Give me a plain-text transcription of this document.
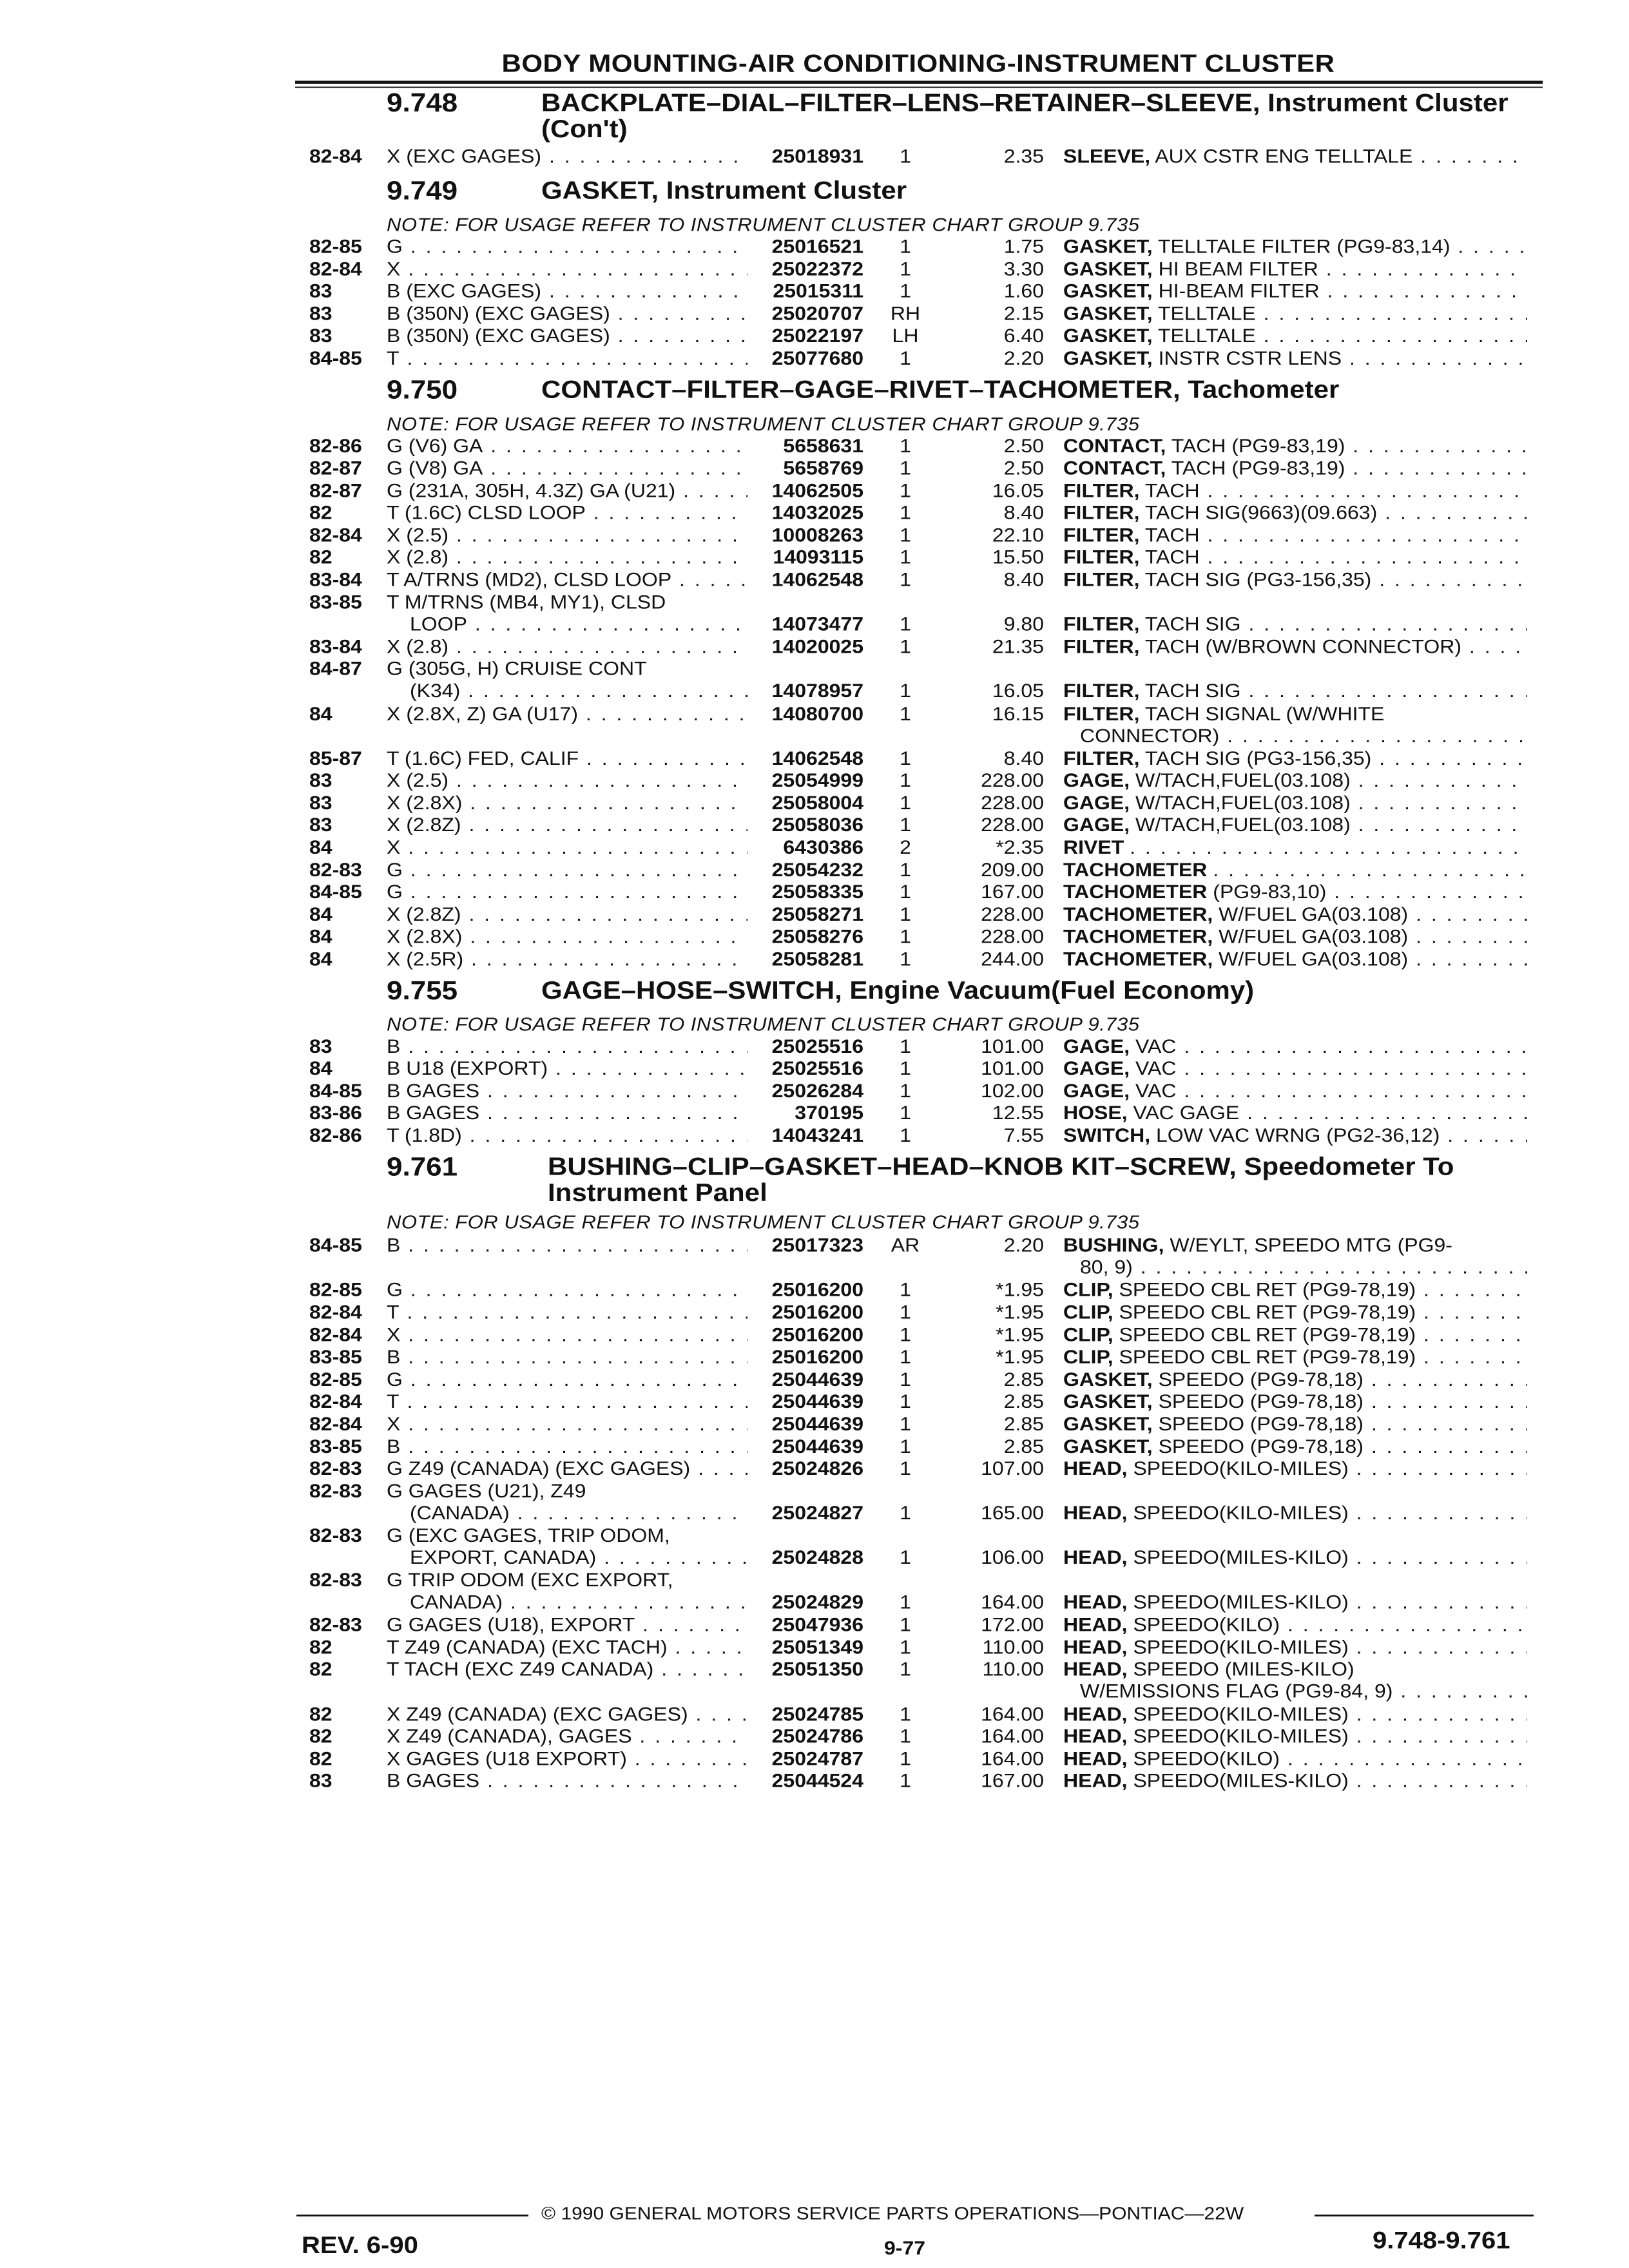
BODY MOUNTING-AIR CONDITIONING-INSTRUMENT CLUSTER
82-84 X (EXC GAGES) . . .	25018931	1	2.35 SLEEVE, AUX CSTR ENG TELLTALE . . .
82-85 G . . .	25016521	1	1.75 GASKET, TELLTALE FILTER (PG9-83,14) . . .
82-84 X . . .	25022372	1	3.30 GASKET, HI BEAM FILTER . . .
83	B (EXC GAGES) . . .	25015311	1	1.60 GASKET, HI-BEAM FILTER . . .
83	B (350N) (EXC GAGES) . . .	25020707	RH	2.15 GASKET, TELLTALE . . .
83	B (350N) (EXC GAGES) . . .	25022197	LH	6.40 GASKET, TELLTALE . . .
84-85 T . . .	25077680	1	2.20 GASKET, INSTR CSTR LENS . . .
82-86 G (V6) GA . . .	5658631	1	2.50 CONTACT, TACH (PG9-83,19) . . .
82-87 G (V8) GA . . .	5658769	1	2.50 CONTACT, TACH (PG9-83,19) . . .
82-87 G (231A, 305H, 4.3Z) GA (U21) . . .	14062505	1	16.05 FILTER, TACH . . .
82	T (1.6C) CLSD LOOP . . .	14032025	1	8.40 FILTER, TACH SIG(9663)(09.663) . . .
82-84 X (2.5) . . .	10008263	1	22.10 FILTER, TACH . . .
82	X (2.8) . . .	14093115	1	15.50 FILTER, TACH . . .
83-84 T A/TRNS (MD2), CLSD LOOP . . .	14062548	1	8.40 FILTER, TACH SIG (PG3-156,35) . . .
83-85 T M/TRNS (MB4, MY1), CLSD
LOOP . . .	14073477	1	9.80 FILTER, TACH SIG . . .
83-84 X (2.8) . . .	14020025	1	21.35 FILTER, TACH (W/BROWN CONNECTOR) . . .
84-87 G (305G, H) CRUISE CONT
(K34) . . .	14078957	1	16.05 FILTER, TACH SIG . . .
84	X (2.8X, Z) GA (U17) . . .	14080700	1	16.15 FILTER, TACH SIGNAL (W/WHITE
CONNECTOR) . . .
85-87 T (1.6C) FED, CALIF . . .	14062548	1	8.40 FILTER, TACH SIG (PG3-156,35) . . .
83	X (2.5) . . .	25054999	1	228.00 GAGE, W/TACH,FUEL(03.108) . . .
83	X (2.8X) . . .	25058004	1	228.00 GAGE, W/TACH,FUEL(03.108) . . .
83	X (2.8Z) . . .	25058036	1	228.00 GAGE, W/TACH,FUEL(03.108) . . .
84	X . . .	6430386	2	*2.35 RIVET . . .
82-83 G . . .	25054232	1	209.00 TACHOMETER . . .
84-85 G . . .	25058335	1	167.00 TACHOMETER (PG9-83,10) . . .
84	X (2.8Z) . . .	25058271	1	228.00 TACHOMETER, W/FUEL GA(03.108) . . .
84	X (2.8X) . . .	25058276	1	228.00 TACHOMETER, W/FUEL GA(03.108) . . .
84	X (2.5R) . . .	25058281	1	244.00 TACHOMETER, W/FUEL GA(03.108) . . .
83	B . . .	25025516	1	101.00 GAGE, VAC . . .
84	B U18 (EXPORT) . . .	25025516	1	101.00 GAGE, VAC . . .
84-85 B GAGES . . .	25026284	1	102.00 GAGE, VAC . . .
83-86 B GAGES . . .	370195	1	12.55 HOSE, VAC GAGE . . .
82-86 T (1.8D) . . .	14043241	1	7.55 SWITCH, LOW VAC WRNG (PG2-36,12) . . .
84-85 B . . .	25017323	AR	2.20 BUSHING, W/EYLT, SPEEDO MTG (PG9-
80, 9) . . .
82-85 G . . .	25016200	1	*1.95 CLIP, SPEEDO CBL RET (PG9-78,19) . . .
82-84 T . . .	25016200	1	*1.95 CLIP, SPEEDO CBL RET (PG9-78,19) . . .
82-84 X . . .	25016200	1	*1.95 CLIP, SPEEDO CBL RET (PG9-78,19) . . .
83-85 B . . .	25016200	1	*1.95 CLIP, SPEEDO CBL RET (PG9-78,19) . . .
82-85 G . . .	25044639	1	2.85 GASKET, SPEEDO (PG9-78,18) . . .
82-84 T . . .	25044639	1	2.85 GASKET, SPEEDO (PG9-78,18) . . .
82-84 X . . .	25044639	1	2.85 GASKET, SPEEDO (PG9-78,18) . . .
83-85 B . . .	25044639	1	2.85 GASKET, SPEEDO (PG9-78,18) . . .
82-83 G Z49 (CANADA) (EXC GAGES) . . .	25024826	1	107.00 HEAD, SPEEDO(KILO-MILES) . . .
82-83 G GAGES (U21), Z49
(CANADA) . . .	25024827	1	165.00 HEAD, SPEEDO(KILO-MILES) . . .
82-83 G (EXC GAGES, TRIP ODOM,
EXPORT, CANADA) . . .	25024828	1	106.00 HEAD, SPEEDO(MILES-KILO) . . .
82-83 G TRIP ODOM (EXC EXPORT,
CANADA) . . .	25024829	1	164.00 HEAD, SPEEDO(MILES-KILO) . . .
82-83 G GAGES (U18), EXPORT . . .	25047936	1	172.00 HEAD, SPEEDO(KILO) . . .
82	T Z49 (CANADA) (EXC TACH) . . .	25051349	1	110.00 HEAD, SPEEDO(KILO-MILES) . . .
82	T TACH (EXC Z49 CANADA) . . .	25051350	1	110.00 HEAD, SPEEDO (MILES-KILO)
W/EMISSIONS FLAG (PG9-84, 9) . . .
82	X Z49 (CANADA) (EXC GAGES) . . .	25024785	1	164.00 HEAD, SPEEDO(KILO-MILES) . . .
82	X Z49 (CANADA), GAGES . . .	25024786	1	164.00 HEAD, SPEEDO(KILO-MILES) . . .
82	X GAGES (U18 EXPORT) . . .	25024787	1	164.00 HEAD, SPEEDO(KILO) . . .
83	B GAGES . . .	25044524	1	167.00 HEAD, SPEEDO(MILES-KILO) . . .
9.748	BACKPLATE–DIAL–FILTER–LENS–RETAINER–SLEEVE, Instrument Cluster (Con't)
9.749	GASKET, Instrument Cluster
NOTE: FOR USAGE REFER TO INSTRUMENT CLUSTER CHART GROUP 9.735
9.750	CONTACT–FILTER–GAGE–RIVET–TACHOMETER, Tachometer
NOTE: FOR USAGE REFER TO INSTRUMENT CLUSTER CHART GROUP 9.735
9.755	GAGE–HOSE–SWITCH, Engine Vacuum(Fuel Economy)
NOTE: FOR USAGE REFER TO INSTRUMENT CLUSTER CHART GROUP 9.735
9.761	BUSHING–CLIP–GASKET–HEAD–KNOB KIT–SCREW, Speedometer To Instrument Panel
NOTE: FOR USAGE REFER TO INSTRUMENT CLUSTER CHART GROUP 9.735
© 1990 GENERAL MOTORS SERVICE PARTS OPERATIONS—PONTIAC—22W
REV. 6-90	9-77	9.748-9.761
